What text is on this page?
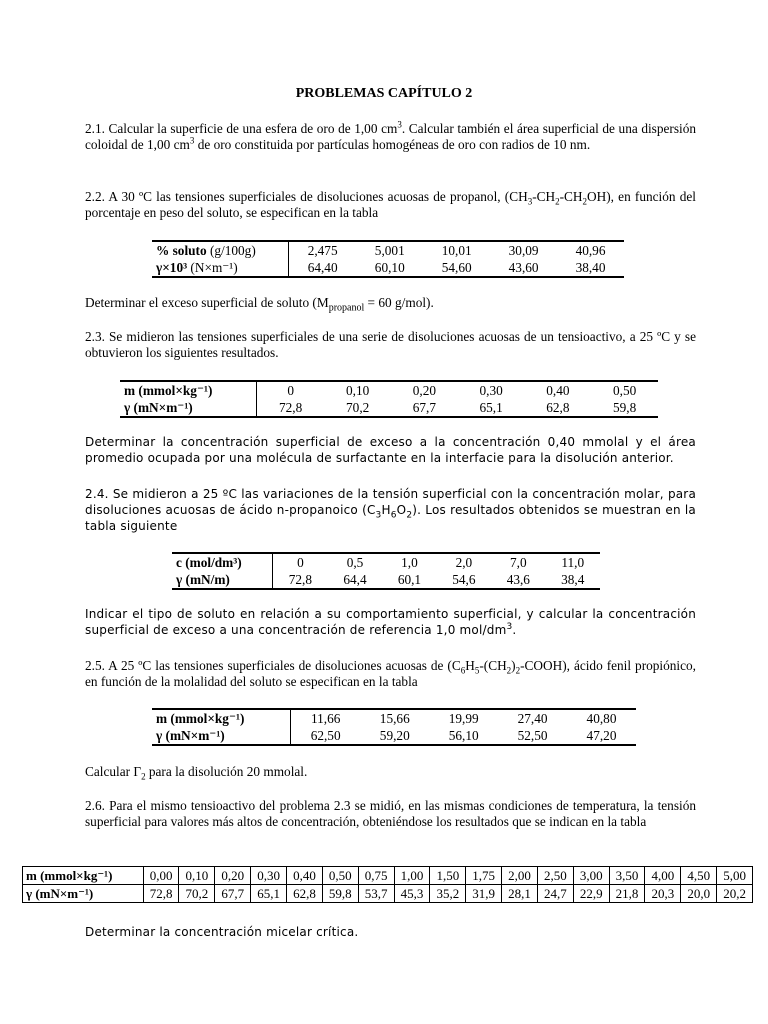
PROBLEMAS CAPÍTULO 2

2.1. Calcular la superficie de una esfera de oro de 1,00 $cm^3$. Calcular también el área superficial de una dispersión coloidal de 1,00 $cm^3$ de oro constituida por partículas homogéneas de oro con radios de 10 nm.

2.2. A 30 ºC las tensiones superficiales de disoluciones acuosas de propanol, $(CH_3-CH_2-CH_2OH)$, en función del porcentaje en peso del soluto, se especifican en la tabla

% soluto (g/100g)	2,475	5,001	10,01	30,09	40,96
γ×10³ (N×m⁻¹)	64,40	60,10	54,60	43,60	38,40

Determinar el exceso superficial de soluto ($M_{propanol} = 60$ g/mol).

2.3. Se midieron las tensiones superficiales de una serie de disoluciones acuosas de un tensioactivo, a 25 ºC y se obtuvieron los siguientes resultados.

m (mmol×kg⁻¹)	0	0,10	0,20	0,30	0,40	0,50
γ (mN×m⁻¹)	72,8	70,2	67,7	65,1	62,8	59,8

Determinar la concentración superficial de exceso a la concentración 0,40 mmolal y el área promedio ocupada por una molécula de surfactante en la interfacie para la disolución anterior.

2.4. Se midieron a 25 ºC las variaciones de la tensión superficial con la concentración molar, para disoluciones acuosas de ácido n-propanoico $(C_3H_6O_2)$. Los resultados obtenidos se muestran en la tabla siguiente

c (mol/dm³)	0	0,5	1,0	2,0	7,0	11,0
γ (mN/m)	72,8	64,4	60,1	54,6	43,6	38,4

Indicar el tipo de soluto en relación a su comportamiento superficial, y calcular la concentración superficial de exceso a una concentración de referencia 1,0 mol/$dm^3$.

2.5. A 25 ºC las tensiones superficiales de disoluciones acuosas de $(C_6H_5-(CH_2)_2-COOH)$, ácido fenil propiónico, en función de la molalidad del soluto se especifican en la tabla

m (mmol×kg⁻¹)	11,66	15,66	19,99	27,40	40,80
γ (mN×m⁻¹)	62,50	59,20	56,10	52,50	47,20

Calcular $\Gamma_2$ para la disolución 20 mmolal.

2.6. Para el mismo tensioactivo del problema 2.3 se midió, en las mismas condiciones de temperatura, la tensión superficial para valores más altos de concentración, obteniéndose los resultados que se indican en la tabla

m (mmol×kg⁻¹)	0,00	0,10	0,20	0,30	0,40	0,50	0,75	1,00	1,50	1,75	2,00	2,50	3,00	3,50	4,00	4,50	5,00
γ (mN×m⁻¹)	72,8	70,2	67,7	65,1	62,8	59,8	53,7	45,3	35,2	31,9	28,1	24,7	22,9	21,8	20,3	20,0	20,2

Determinar la concentración micelar crítica.
